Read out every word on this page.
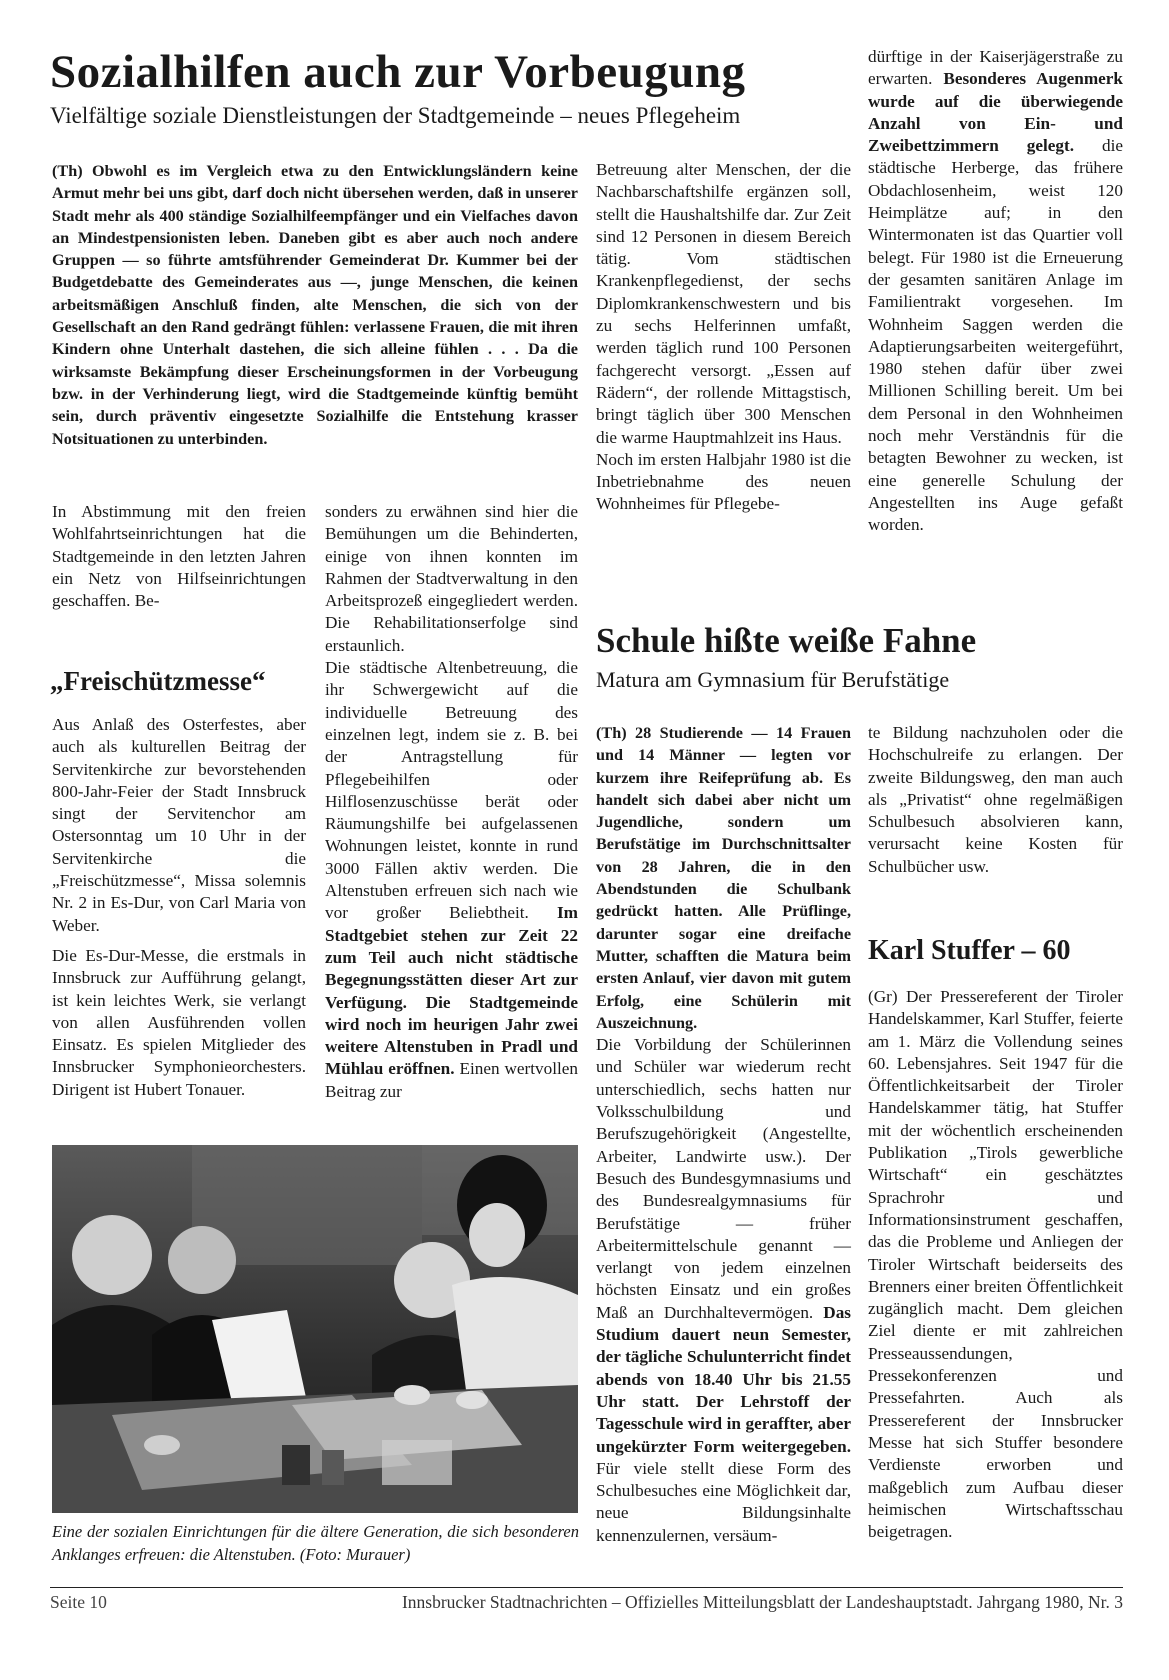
Sozialhilfen auch zur Vorbeugung
Vielfältige soziale Dienstleistungen der Stadtgemeinde – neues Pflegeheim

(Th) Obwohl es im Vergleich etwa zu den Entwicklungsländern keine Armut mehr bei uns gibt, darf doch nicht übersehen werden, daß in unserer Stadt mehr als 400 ständige Sozialhilfeempfänger und ein Vielfaches davon an Mindestpensionisten leben. Daneben gibt es aber auch noch andere Gruppen — so führte amtsführender Gemeinderat Dr. Kummer bei der Budgetdebatte des Gemeinderates aus —, junge Menschen, die keinen arbeitsmäßigen Anschluß finden, alte Menschen, die sich von der Gesellschaft an den Rand gedrängt fühlen: verlassene Frauen, die mit ihren Kindern ohne Unterhalt dastehen, die sich alleine fühlen . . . Da die wirksamste Bekämpfung dieser Erscheinungsformen in der Vorbeugung bzw. in der Verhinderung liegt, wird die Stadtgemeinde künftig bemüht sein, durch präventiv eingesetzte Sozialhilfe die Entstehung krasser Notsituationen zu unterbinden.

In Abstimmung mit den freien Wohlfahrtseinrichtungen hat die Stadtgemeinde in den letzten Jahren ein Netz von Hilfseinrichtungen geschaffen. Be-

sonders zu erwähnen sind hier die Bemühungen um die Behinderten, einige von ihnen konnten im Rahmen der Stadtverwaltung in den Arbeitsprozeß eingegliedert werden. Die Rehabilitationserfolge sind erstaunlich.

Die städtische Altenbetreuung, die ihr Schwergewicht auf die individuelle Betreuung des einzelnen legt, indem sie z. B. bei der Antragstellung für Pflegebeihilfen oder Hilflosenzuschüsse berät oder Räumungshilfe bei aufgelassenen Wohnungen leistet, konnte in rund 3000 Fällen aktiv werden. Die Altenstuben erfreuen sich nach wie vor großer Beliebtheit. Im Stadtgebiet stehen zur Zeit 22 zum Teil auch nicht städtische Begegnungsstätten dieser Art zur Verfügung. Die Stadtgemeinde wird noch im heurigen Jahr zwei weitere Altenstuben in Pradl und Mühlau eröffnen. Einen wertvollen Beitrag zur

Betreuung alter Menschen, der die Nachbarschaftshilfe ergänzen soll, stellt die Haushaltshilfe dar. Zur Zeit sind 12 Personen in diesem Bereich tätig. Vom städtischen Krankenpflegedienst, der sechs Diplomkrankenschwestern und bis zu sechs Helferinnen umfaßt, werden täglich rund 100 Personen fachgerecht versorgt. „Essen auf Rädern“, der rollende Mittagstisch, bringt täglich über 300 Menschen die warme Hauptmahlzeit ins Haus.

Noch im ersten Halbjahr 1980 ist die Inbetriebnahme des neuen Wohnheimes für Pflegebe-

dürftige in der Kaiserjägerstraße zu erwarten. Besonderes Augenmerk wurde auf die überwiegende Anzahl von Ein- und Zweibettzimmern gelegt. die städtische Herberge, das frühere Obdachlosenheim, weist 120 Heimplätze auf; in den Wintermonaten ist das Quartier voll belegt. Für 1980 ist die Erneuerung der gesamten sanitären Anlage im Familientrakt vorgesehen. Im Wohnheim Saggen werden die Adaptierungsarbeiten weitergeführt, 1980 stehen dafür über zwei Millionen Schilling bereit. Um bei dem Personal in den Wohnheimen noch mehr Verständnis für die betagten Bewohner zu wecken, ist eine generelle Schulung der Angestellten ins Auge gefaßt worden.

„Freischützmesse“

Aus Anlaß des Osterfestes, aber auch als kulturellen Beitrag der Servitenkirche zur bevorstehenden 800-Jahr-Feier der Stadt Innsbruck singt der Servitenchor am Ostersonntag um 10 Uhr in der Servitenkirche die „Freischützmesse“, Missa solemnis Nr. 2 in Es-Dur, von Carl Maria von Weber.

Die Es-Dur-Messe, die erstmals in Innsbruck zur Aufführung gelangt, ist kein leichtes Werk, sie verlangt von allen Ausführenden vollen Einsatz. Es spielen Mitglieder des Innsbrucker Symphonieorchesters. Dirigent ist Hubert Tonauer.

Eine der sozialen Einrichtungen für die ältere Generation, die sich besonderen Anklanges erfreuen: die Altenstuben. (Foto: Murauer)

Schule hißte weiße Fahne
Matura am Gymnasium für Berufstätige

(Th) 28 Studierende — 14 Frauen und 14 Männer — legten vor kurzem ihre Reifeprüfung ab. Es handelt sich dabei aber nicht um Jugendliche, sondern um Berufstätige im Durchschnittsalter von 28 Jahren, die in den Abendstunden die Schulbank gedrückt hatten. Alle Prüflinge, darunter sogar eine dreifache Mutter, schafften die Matura beim ersten Anlauf, vier davon mit gutem Erfolg, eine Schülerin mit Auszeichnung.

Die Vorbildung der Schülerinnen und Schüler war wiederum recht unterschiedlich, sechs hatten nur Volksschulbildung und Berufszugehörigkeit (Angestellte, Arbeiter, Landwirte usw.). Der Besuch des Bundesgymnasiums und des Bundesrealgymnasiums für Berufstätige — früher Arbeitermittelschule genannt — verlangt von jedem einzelnen höchsten Einsatz und ein großes Maß an Durchhaltevermögen. Das Studium dauert neun Semester, der tägliche Schulunterricht findet abends von 18.40 Uhr bis 21.55 Uhr statt. Der Lehrstoff der Tagesschule wird in geraffter, aber ungekürzter Form weitergegeben. Für viele stellt diese Form des Schulbesuches eine Möglichkeit dar, neue Bildungsinhalte kennenzulernen, versäum-

te Bildung nachzuholen oder die Hochschulreife zu erlangen. Der zweite Bildungsweg, den man auch als „Privatist“ ohne regelmäßigen Schulbesuch absolvieren kann, verursacht keine Kosten für Schulbücher usw.

Karl Stuffer – 60

(Gr) Der Pressereferent der Tiroler Handelskammer, Karl Stuffer, feierte am 1. März die Vollendung seines 60. Lebensjahres. Seit 1947 für die Öffentlichkeitsarbeit der Tiroler Handelskammer tätig, hat Stuffer mit der wöchentlich erscheinenden Publikation „Tirols gewerbliche Wirtschaft“ ein geschätztes Sprachrohr und Informationsinstrument geschaffen, das die Probleme und Anliegen der Tiroler Wirtschaft beiderseits des Brenners einer breiten Öffentlichkeit zugänglich macht. Dem gleichen Ziel diente er mit zahlreichen Presseaussendungen, Pressekonferenzen und Pressefahrten. Auch als Pressereferent der Innsbrucker Messe hat sich Stuffer besondere Verdienste erworben und maßgeblich zum Aufbau dieser heimischen Wirtschaftsschau beigetragen.

Seite 10	Innsbrucker Stadtnachrichten – Offizielles Mitteilungsblatt der Landeshauptstadt. Jahrgang 1980, Nr. 3
